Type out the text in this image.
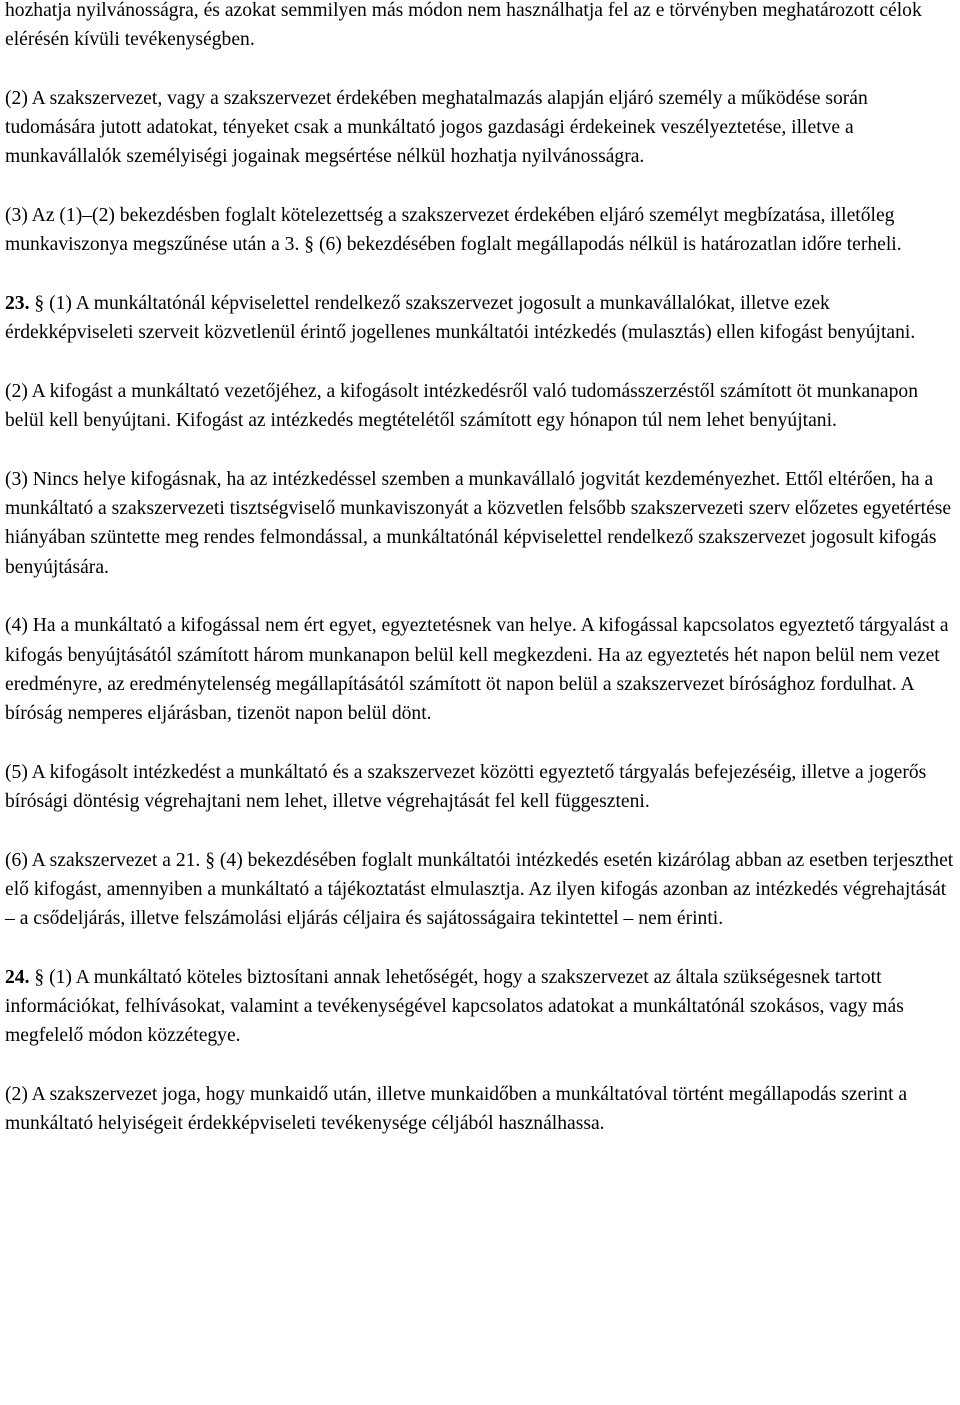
hozhatja nyilvánosságra, és azokat semmilyen más módon nem használhatja fel az e törvényben meghatározott célok elérésén kívüli tevékenységben.

(2) A szakszervezet, vagy a szakszervezet érdekében meghatalmazás alapján eljáró személy a működése során tudomására jutott adatokat, tényeket csak a munkáltató jogos gazdasági érdekeinek veszélyeztetése, illetve a munkavállalók személyiségi jogainak megsértése nélkül hozhatja nyilvánosságra.

(3) Az (1)–(2) bekezdésben foglalt kötelezettség a szakszervezet érdekében eljáró személyt megbízatása, illetőleg munkaviszonya megszűnése után a 3. § (6) bekezdésében foglalt megállapodás nélkül is határozatlan időre terheli.

23. § (1) A munkáltatónál képviselettel rendelkező szakszervezet jogosult a munkavállalókat, illetve ezek érdekképviseleti szerveit közvetlenül érintő jogellenes munkáltatói intézkedés (mulasztás) ellen kifogást benyújtani.

(2) A kifogást a munkáltató vezetőjéhez, a kifogásolt intézkedésről való tudomásszerzéstől számított öt munkanapon belül kell benyújtani. Kifogást az intézkedés megtételétől számított egy hónapon túl nem lehet benyújtani.

(3) Nincs helye kifogásnak, ha az intézkedéssel szemben a munkavállaló jogvitát kezdeményezhet. Ettől eltérően, ha a munkáltató a szakszervezeti tisztségviselő munkaviszonyát a közvetlen felsőbb szakszervezeti szerv előzetes egyetértése hiányában szüntette meg rendes felmondással, a munkáltatónál képviselettel rendelkező szakszervezet jogosult kifogás benyújtására.

(4) Ha a munkáltató a kifogással nem ért egyet, egyeztetésnek van helye. A kifogással kapcsolatos egyeztető tárgyalást a kifogás benyújtásától számított három munkanapon belül kell megkezdeni. Ha az egyeztetés hét napon belül nem vezet eredményre, az eredménytelenség megállapításától számított öt napon belül a szakszervezet bírósághoz fordulhat. A bíróság nemperes eljárásban, tizenöt napon belül dönt.

(5) A kifogásolt intézkedést a munkáltató és a szakszervezet közötti egyeztető tárgyalás befejezéséig, illetve a jogerős bírósági döntésig végrehajtani nem lehet, illetve végrehajtását fel kell függeszteni.

(6) A szakszervezet a 21. § (4) bekezdésében foglalt munkáltatói intézkedés esetén kizárólag abban az esetben terjeszthet elő kifogást, amennyiben a munkáltató a tájékoztatást elmulasztja. Az ilyen kifogás azonban az intézkedés végrehajtását – a csődeljárás, illetve felszámolási eljárás céljaira és sajátosságaira tekintettel – nem érinti.

24. § (1) A munkáltató köteles biztosítani annak lehetőségét, hogy a szakszervezet az általa szükségesnek tartott információkat, felhívásokat, valamint a tevékenységével kapcsolatos adatokat a munkáltatónál szokásos, vagy más megfelelő módon közzétegye.

(2) A szakszervezet joga, hogy munkaidő után, illetve munkaidőben a munkáltatóval történt megállapodás szerint a munkáltató helyiségeit érdekképviseleti tevékenysége céljából használhassa.
